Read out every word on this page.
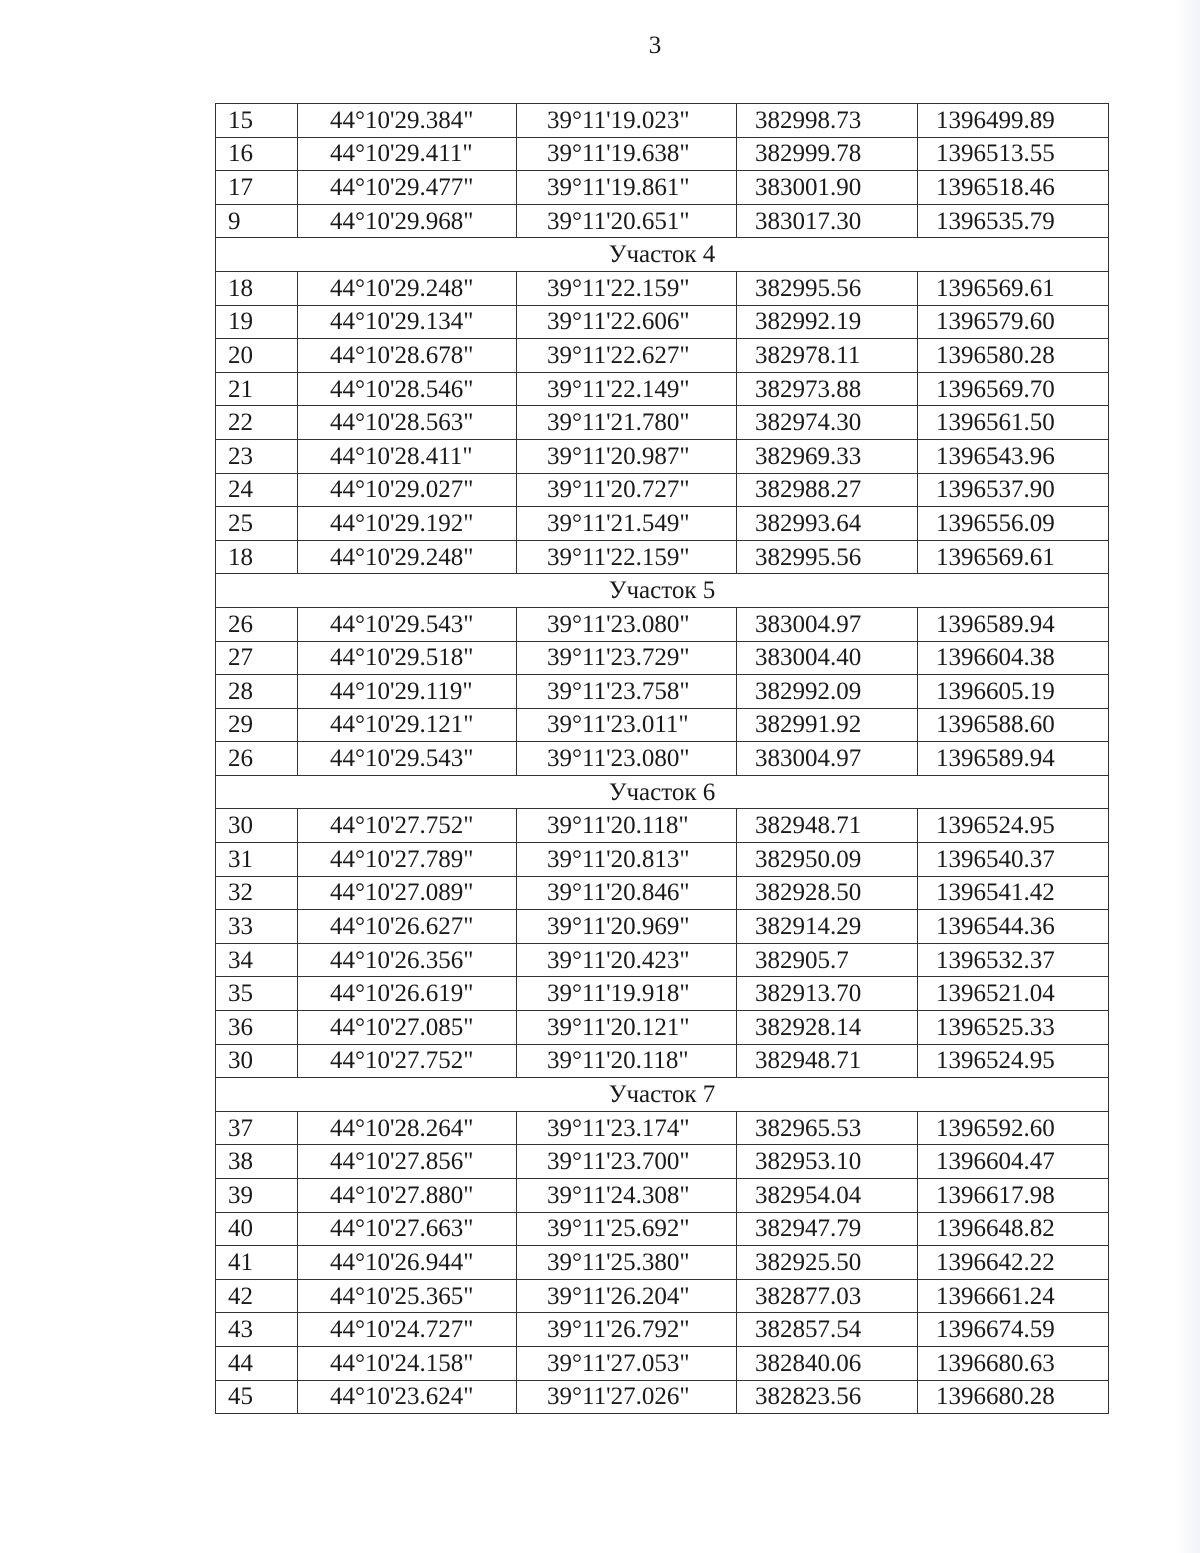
3
15	44°10'29.384"	39°11'19.023"	382998.73	1396499.89
16	44°10'29.411"	39°11'19.638"	382999.78	1396513.55
17	44°10'29.477"	39°11'19.861"	383001.90	1396518.46
9	44°10'29.968"	39°11'20.651"	383017.30	1396535.79
Участок 4				
18	44°10'29.248"	39°11'22.159"	382995.56	1396569.61
19	44°10'29.134"	39°11'22.606"	382992.19	1396579.60
20	44°10'28.678"	39°11'22.627"	382978.11	1396580.28
21	44°10'28.546"	39°11'22.149"	382973.88	1396569.70
22	44°10'28.563"	39°11'21.780"	382974.30	1396561.50
23	44°10'28.411"	39°11'20.987"	382969.33	1396543.96
24	44°10'29.027"	39°11'20.727"	382988.27	1396537.90
25	44°10'29.192"	39°11'21.549"	382993.64	1396556.09
18	44°10'29.248"	39°11'22.159"	382995.56	1396569.61
Участок 5				
26	44°10'29.543"	39°11'23.080"	383004.97	1396589.94
27	44°10'29.518"	39°11'23.729"	383004.40	1396604.38
28	44°10'29.119"	39°11'23.758"	382992.09	1396605.19
29	44°10'29.121"	39°11'23.011"	382991.92	1396588.60
26	44°10'29.543"	39°11'23.080"	383004.97	1396589.94
Участок 6				
30	44°10'27.752"	39°11'20.118"	382948.71	1396524.95
31	44°10'27.789"	39°11'20.813"	382950.09	1396540.37
32	44°10'27.089"	39°11'20.846"	382928.50	1396541.42
33	44°10'26.627"	39°11'20.969"	382914.29	1396544.36
34	44°10'26.356"	39°11'20.423"	382905.7	1396532.37
35	44°10'26.619"	39°11'19.918"	382913.70	1396521.04
36	44°10'27.085"	39°11'20.121"	382928.14	1396525.33
30	44°10'27.752"	39°11'20.118"	382948.71	1396524.95
Участок 7				
37	44°10'28.264"	39°11'23.174"	382965.53	1396592.60
38	44°10'27.856"	39°11'23.700"	382953.10	1396604.47
39	44°10'27.880"	39°11'24.308"	382954.04	1396617.98
40	44°10'27.663"	39°11'25.692"	382947.79	1396648.82
41	44°10'26.944"	39°11'25.380"	382925.50	1396642.22
42	44°10'25.365"	39°11'26.204"	382877.03	1396661.24
43	44°10'24.727"	39°11'26.792"	382857.54	1396674.59
44	44°10'24.158"	39°11'27.053"	382840.06	1396680.63
45	44°10'23.624"	39°11'27.026"	382823.56	1396680.28
